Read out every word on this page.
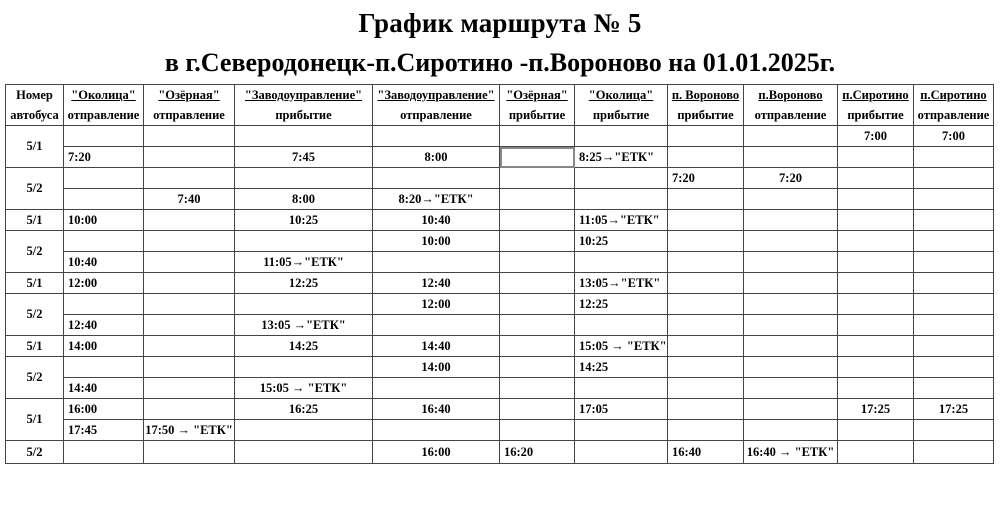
График маршрута № 5
в г.Северодонецк-п.Сиротино -п.Вороново на 01.01.2025г.
Номер	"Околица"	"Озёрная"	"Заводоуправление"	"Заводоуправление"	"Озёрная"	"Околица"	п. Вороново	п.Вороново	п.Сиротино	п.Сиротино
автобуса	отправление	отправление	прибытие	отправление	прибытие	прибытие	прибытие	отправление	прибытие	отправление
5/1									7:00	7:00
	7:20		7:45	8:00		8:25→"ЕТК"				
5/2							7:20	7:20		
		7:40	8:00	8:20→"ЕТК"						
5/1	10:00		10:25	10:40		11:05→"ЕТК"				
5/2				10:00		10:25				
	10:40		11:05→"ЕТК"							
5/1	12:00		12:25	12:40		13:05→"ЕТК"				
5/2				12:00		12:25				
	12:40		13:05 →"ЕТК"							
5/1	14:00		14:25	14:40		15:05 → "ЕТК"				
5/2				14:00		14:25				
	14:40		15:05 → "ЕТК"							
5/1	16:00		16:25	16:40		17:05			17:25	17:25
	17:45	17:50 → "ЕТК"								
5/2				16:00	16:20		16:40	16:40 → "ЕТК"		
